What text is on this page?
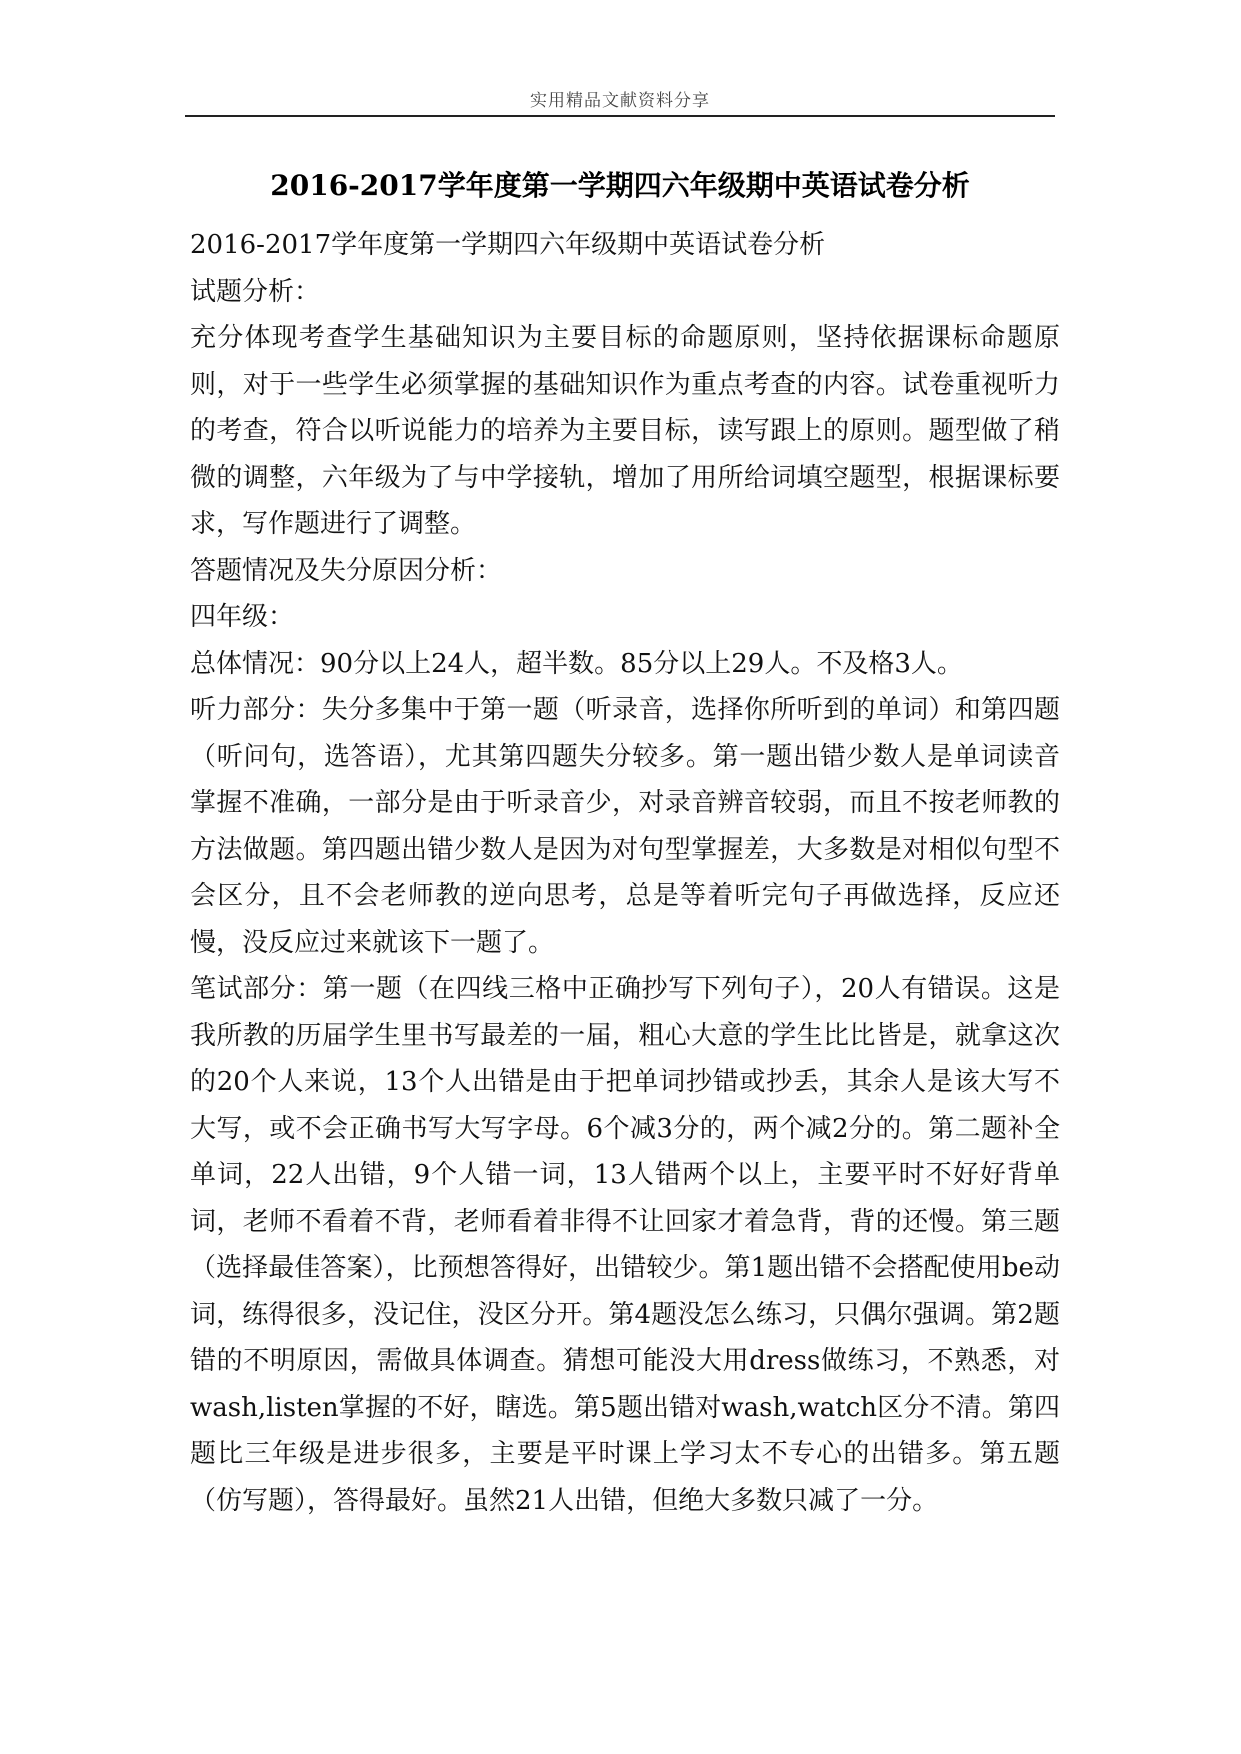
实用精品文献资料分享
2016-2017学年度第一学期四六年级期中英语试卷分析

2016-2017学年度第一学期四六年级期中英语试卷分析

试题分析：

充分体现考查学生基础知识为主要目标的命题原则，坚持依据课标命题原则，对于一些学生必须掌握的基础知识作为重点考查的内容。试卷重视听力的考查，符合以听说能力的培养为主要目标，读写跟上的原则。题型做了稍微的调整，六年级为了与中学接轨，增加了用所给词填空题型，根据课标要求，写作题进行了调整。

答题情况及失分原因分析：

四年级：

总体情况：90分以上24人，超半数。85分以上29人。不及格3人。

听力部分：失分多集中于第一题（听录音，选择你所听到的单词）和第四题（听问句，选答语），尤其第四题失分较多。第一题出错少数人是单词读音掌握不准确，一部分是由于听录音少，对录音辨音较弱，而且不按老师教的方法做题。第四题出错少数人是因为对句型掌握差，大多数是对相似句型不会区分，且不会老师教的逆向思考，总是等着听完句子再做选择，反应还慢，没反应过来就该下一题了。

笔试部分：第一题（在四线三格中正确抄写下列句子），20人有错误。这是我所教的历届学生里书写最差的一届，粗心大意的学生比比皆是，就拿这次的20个人来说，13个人出错是由于把单词抄错或抄丢，其余人是该大写不大写，或不会正确书写大写字母。6个减3分的，两个减2分的。第二题补全单词，22人出错，9个人错一词，13人错两个以上，主要平时不好好背单词，老师不看着不背，老师看着非得不让回家才着急背，背的还慢。第三题（选择最佳答案），比预想答得好，出错较少。第1题出错不会搭配使用be动词，练得很多，没记住，没区分开。第4题没怎么练习，只偶尔强调。第2题错的不明原因，需做具体调查。猜想可能没大用dress做练习，不熟悉，对wash,listen掌握的不好，瞎选。第5题出错对wash,watch区分不清。第四题比三年级是进步很多，主要是平时课上学习太不专心的出错多。第五题（仿写题），答得最好。虽然21人出错，但绝大多数只减了一分。
